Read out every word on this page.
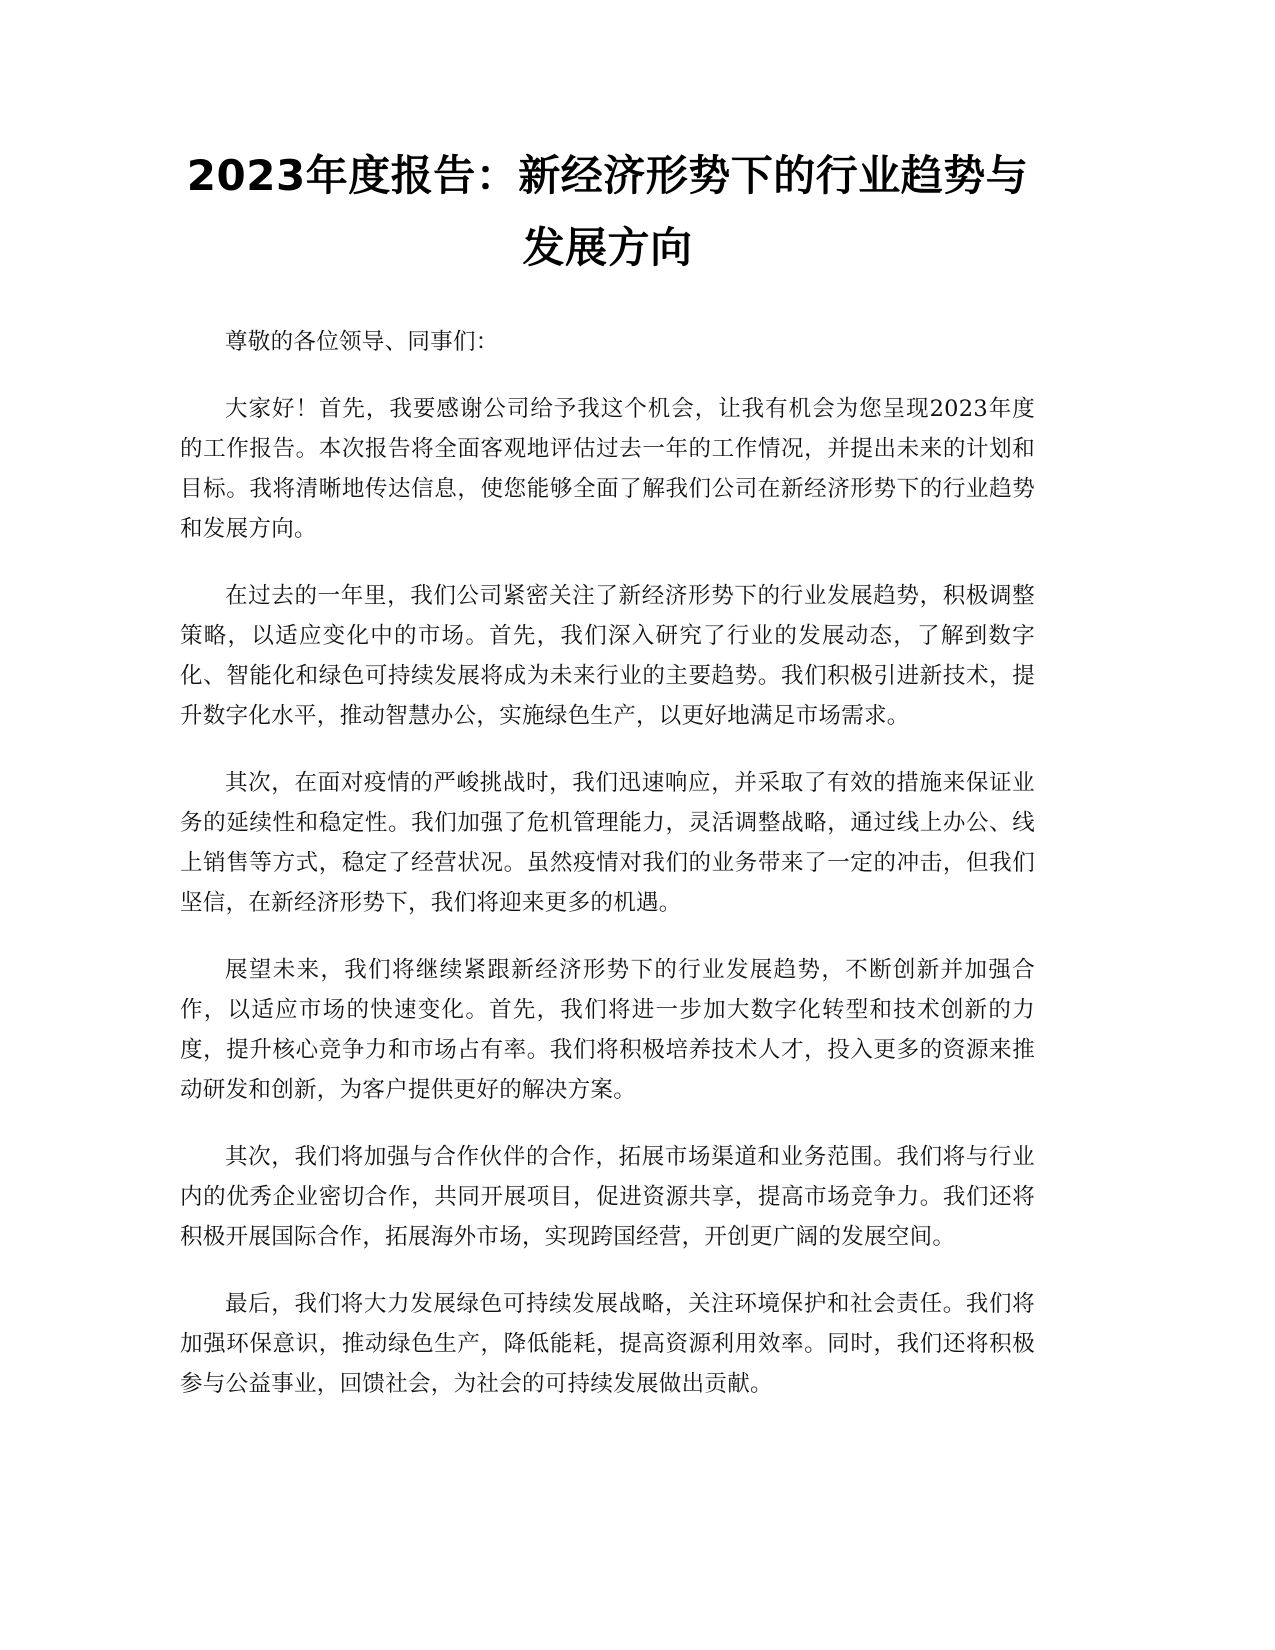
2023年度报告：新经济形势下的行业趋势与
发展方向

尊敬的各位领导、同事们：

大家好！首先，我要感谢公司给予我这个机会，让我有机会为您呈现2023年度的工作报告。本次报告将全面客观地评估过去一年的工作情况，并提出未来的计划和目标。我将清晰地传达信息，使您能够全面了解我们公司在新经济形势下的行业趋势和发展方向。

在过去的一年里，我们公司紧密关注了新经济形势下的行业发展趋势，积极调整策略，以适应变化中的市场。首先，我们深入研究了行业的发展动态，了解到数字化、智能化和绿色可持续发展将成为未来行业的主要趋势。我们积极引进新技术，提升数字化水平，推动智慧办公，实施绿色生产，以更好地满足市场需求。

其次，在面对疫情的严峻挑战时，我们迅速响应，并采取了有效的措施来保证业务的延续性和稳定性。我们加强了危机管理能力，灵活调整战略，通过线上办公、线上销售等方式，稳定了经营状况。虽然疫情对我们的业务带来了一定的冲击，但我们坚信，在新经济形势下，我们将迎来更多的机遇。

展望未来，我们将继续紧跟新经济形势下的行业发展趋势，不断创新并加强合作，以适应市场的快速变化。首先，我们将进一步加大数字化转型和技术创新的力度，提升核心竞争力和市场占有率。我们将积极培养技术人才，投入更多的资源来推动研发和创新，为客户提供更好的解决方案。

其次，我们将加强与合作伙伴的合作，拓展市场渠道和业务范围。我们将与行业内的优秀企业密切合作，共同开展项目，促进资源共享，提高市场竞争力。我们还将积极开展国际合作，拓展海外市场，实现跨国经营，开创更广阔的发展空间。

最后，我们将大力发展绿色可持续发展战略，关注环境保护和社会责任。我们将加强环保意识，推动绿色生产，降低能耗，提高资源利用效率。同时，我们还将积极参与公益事业，回馈社会，为社会的可持续发展做出贡献。
